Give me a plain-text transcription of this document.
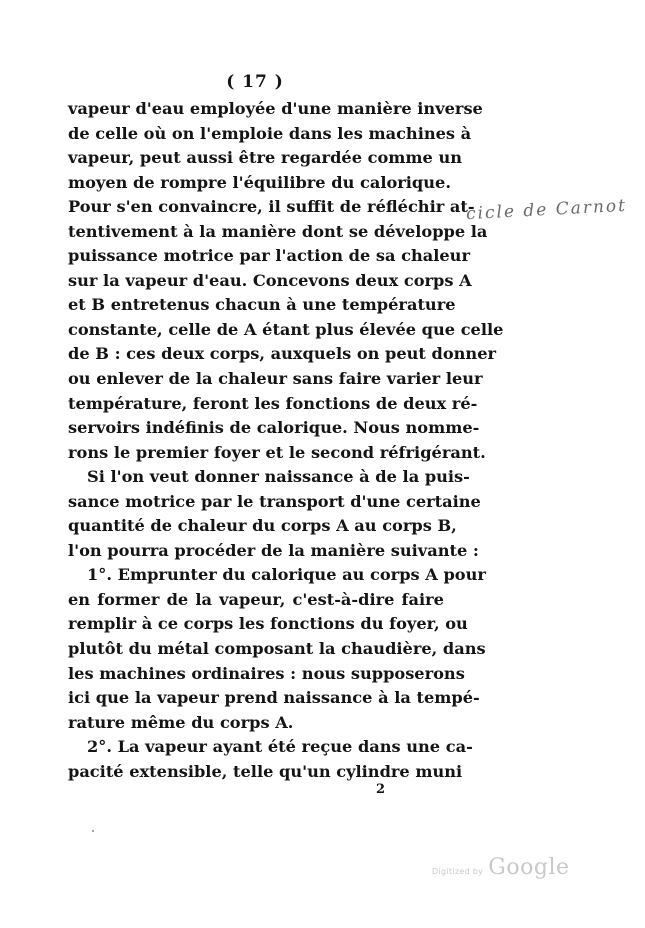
( 17 )
vapeur d'eau employée d'une manière inverse
de celle où on l'emploie dans les machines à
vapeur, peut aussi être regardée comme un
moyen de rompre l'équilibre du calorique.
Pour s'en convaincre, il suffit de réfléchir at-
tentivement à la manière dont se développe la
puissance motrice par l'action de sa chaleur
sur la vapeur d'eau. Concevons deux corps A
et B entretenus chacun à une température
constante, celle de A étant plus élevée que celle
de B : ces deux corps, auxquels on peut donner
ou enlever de la chaleur sans faire varier leur
température, feront les fonctions de deux ré-
servoirs indéfinis de calorique. Nous nomme-
rons le premier foyer et le second réfrigérant.
Si l'on veut donner naissance à de la puis-
sance motrice par le transport d'une certaine
quantité de chaleur du corps A au corps B,
l'on pourra procéder de la manière suivante :
1°. Emprunter du calorique au corps A pour
en former de la vapeur, c'est-à-dire faire
remplir à ce corps les fonctions du foyer, ou
plutôt du métal composant la chaudière, dans
les machines ordinaires : nous supposerons
ici que la vapeur prend naissance à la tempé-
rature même du corps A.
2°. La vapeur ayant été reçue dans une ca-
pacité extensible, telle qu'un cylindre muni
cicle de Carnot
2
Digitized by Google
